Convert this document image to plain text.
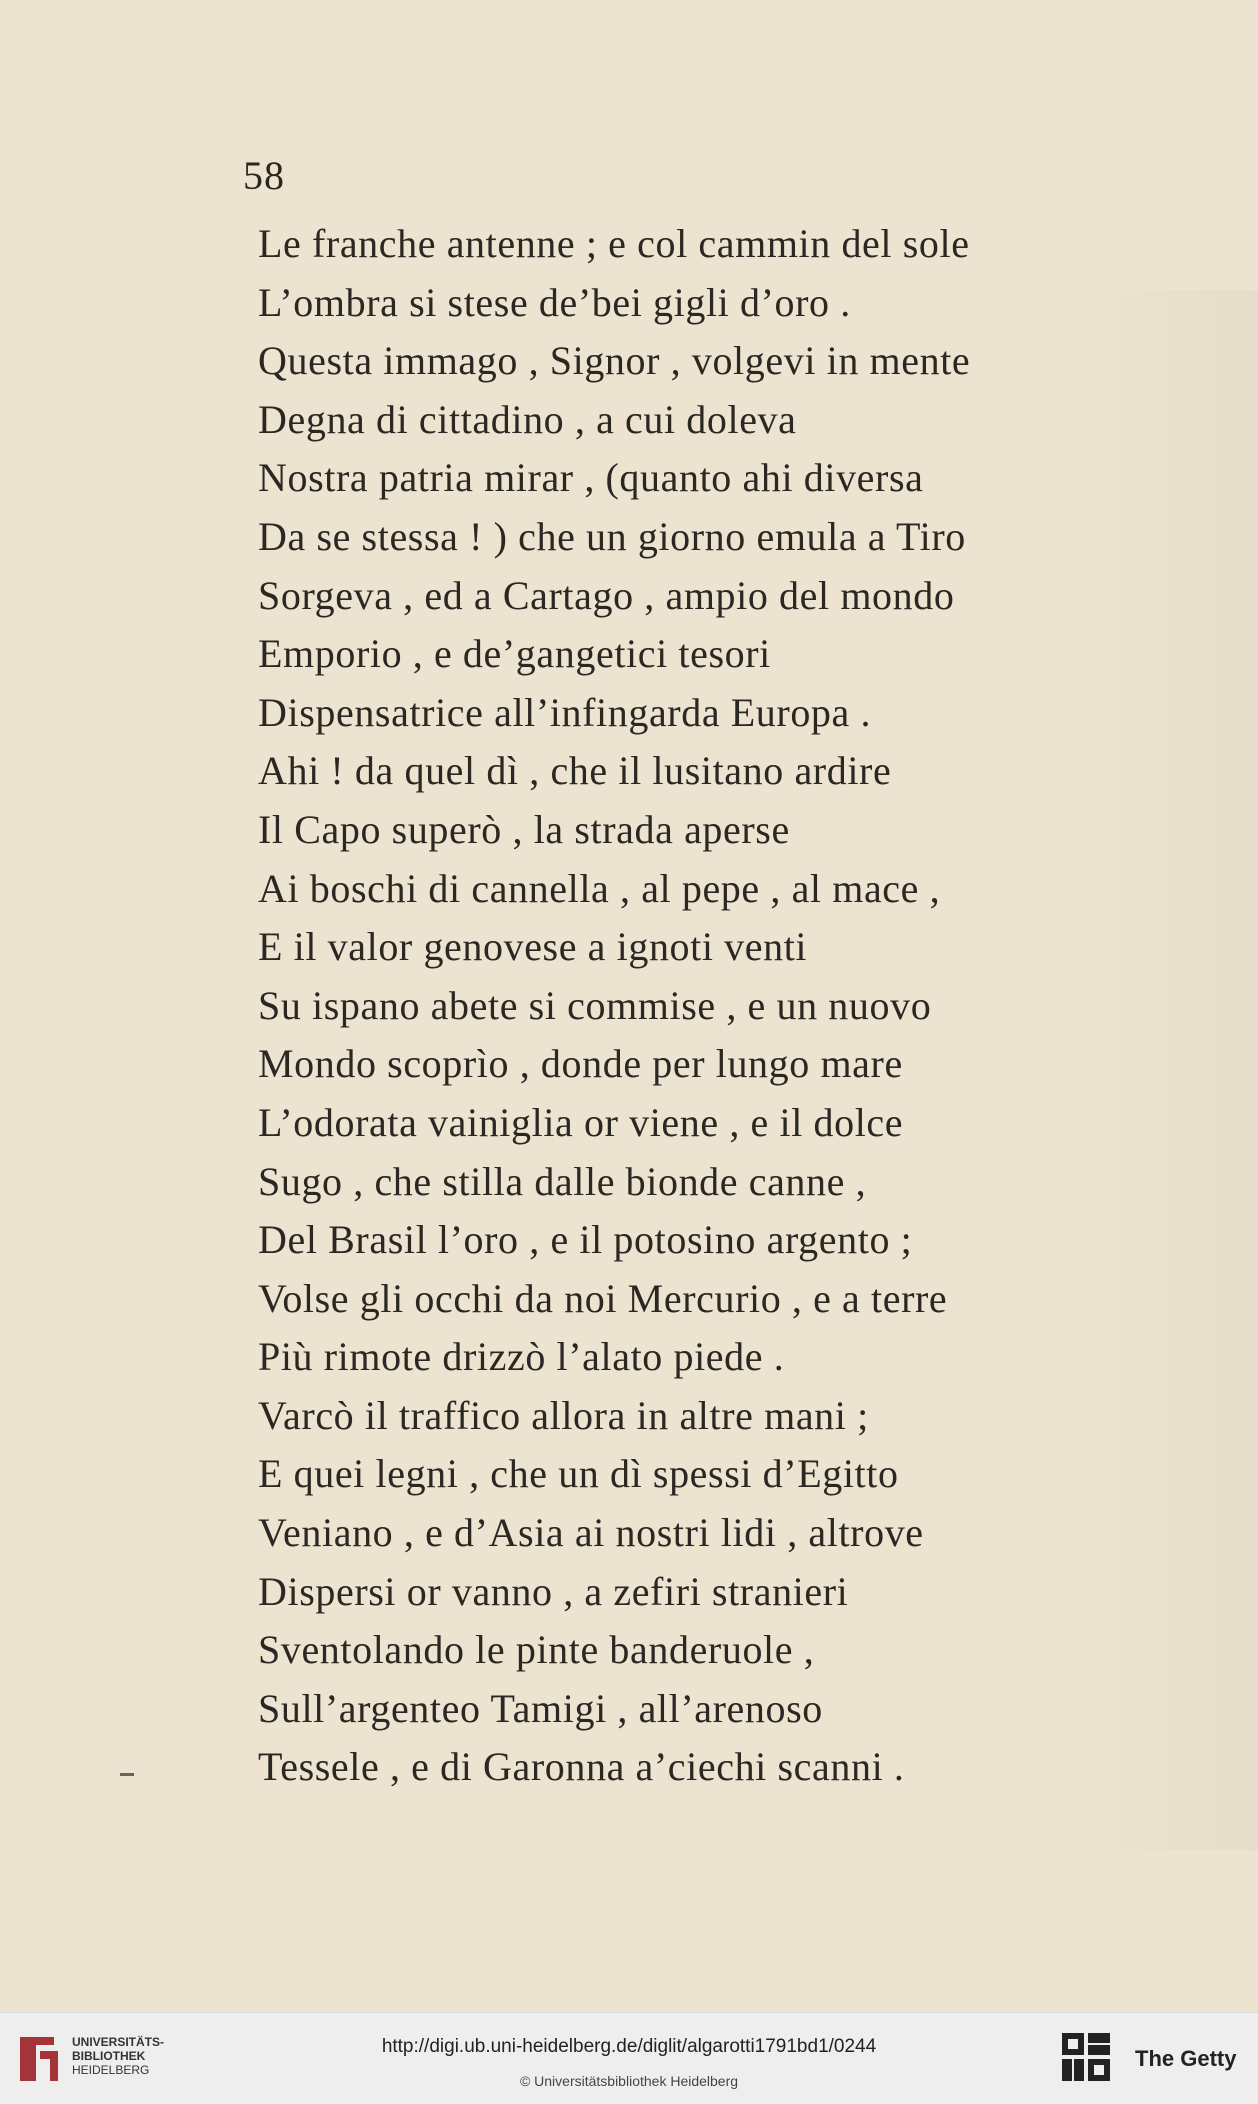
58
Le franche antenne ; e col cammin del sole
L’ombra si stese de’bei gigli d’oro .
Questa immago , Signor , volgevi in mente
Degna di cittadino , a cui doleva
Nostra patria mirar , (quanto ahi diversa
Da se stessa ! ) che un giorno emula a Tiro
Sorgeva , ed a Cartago , ampio del mondo
Emporio , e de’gangetici tesori
Dispensatrice all’infingarda Europa .
Ahi ! da quel dì , che il lusitano ardire
Il Capo superò , la strada aperse
Ai boschi di cannella , al pepe , al mace ,
E il valor genovese a ignoti venti
Su ispano abete si commise , e un nuovo
Mondo scoprìo , donde per lungo mare
L’odorata vainiglia or viene , e il dolce
Sugo , che stilla dalle bionde canne ,
Del Brasil l’oro , e il potosino argento ;
Volse gli occhi da noi Mercurio , e a terre
Più rimote drizzò l’alato piede .
Varcò il traffico allora in altre mani ;
E quei legni , che un dì spessi d’Egitto
Veniano , e d’Asia ai nostri lidi , altrove
Dispersi or vanno , a zefiri stranieri
Sventolando le pinte banderuole ,
Sull’argenteo Tamigi , all’arenoso
Tessele , e di Garonna a’ciechi scanni .
UNIVERSITÄTS-
BIBLIOTHEK
HEIDELBERG
http://digi.ub.uni-heidelberg.de/diglit/algarotti1791bd1/0244
© Universitätsbibliothek Heidelberg
The Getty
